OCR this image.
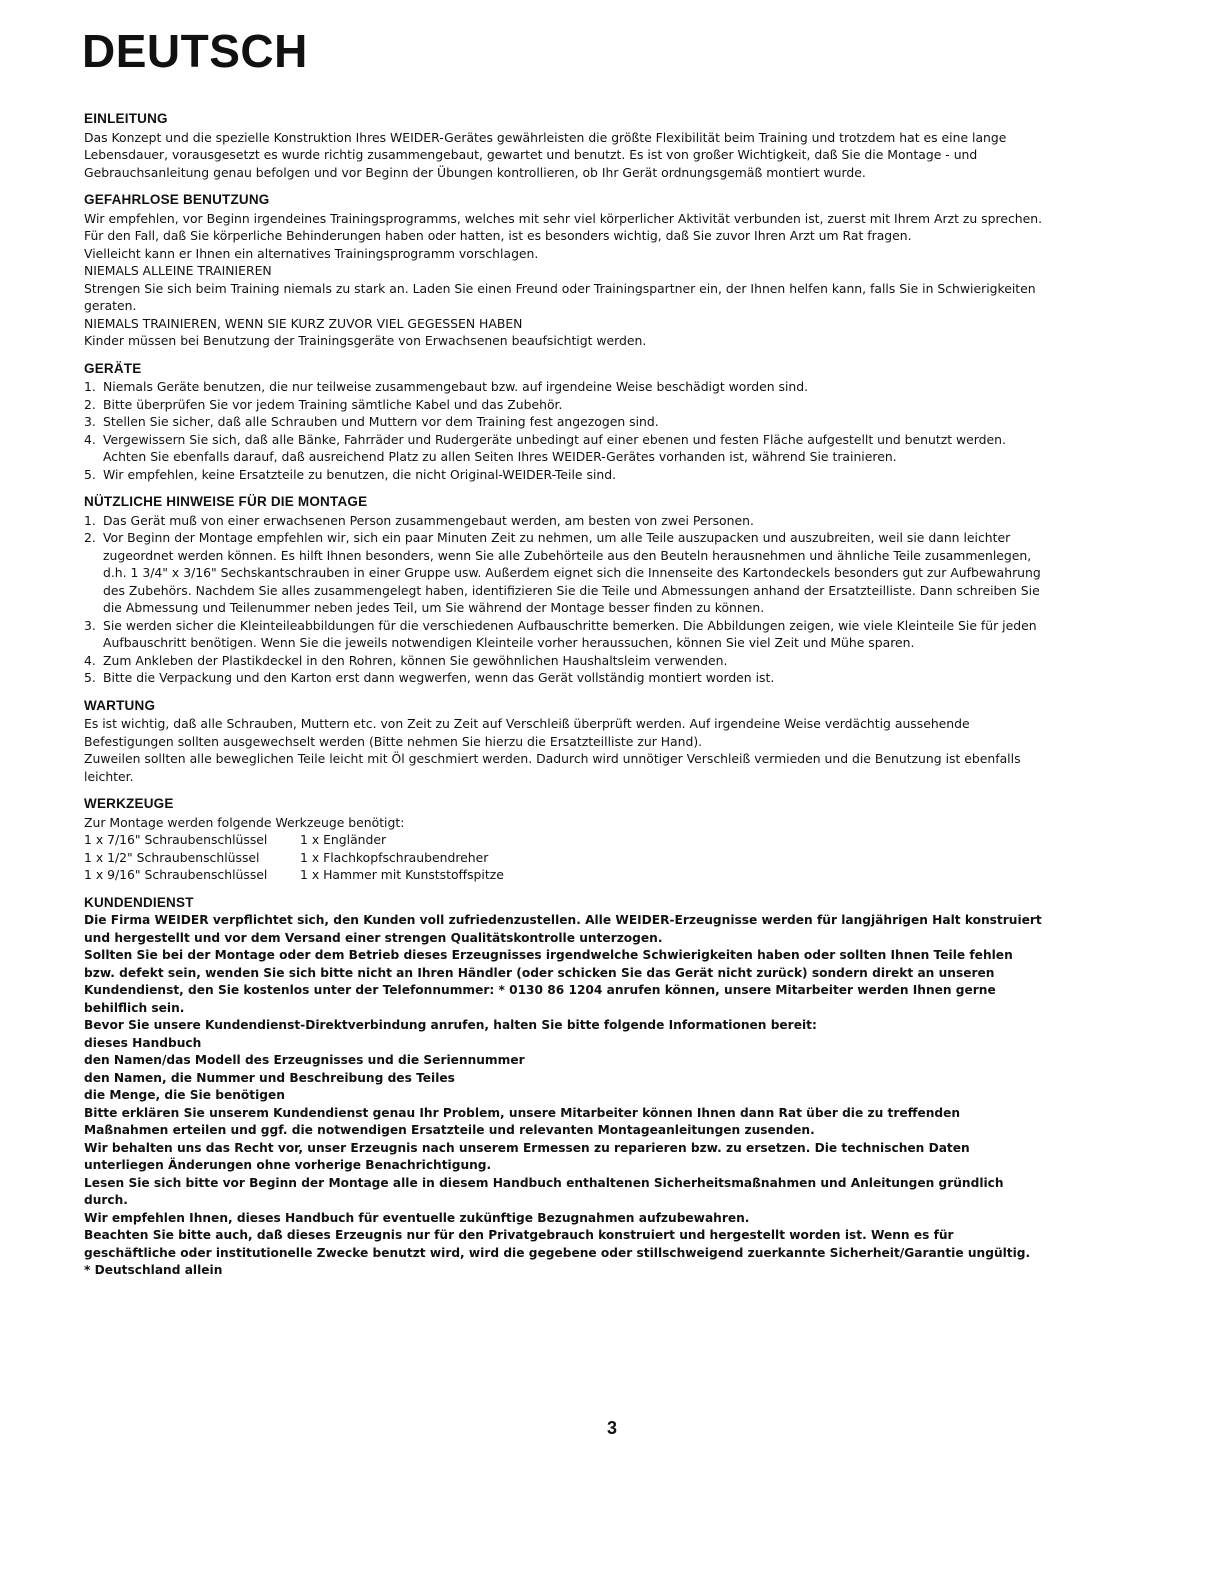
DEUTSCH
EINLEITUNG

Das Konzept und die spezielle Konstruktion Ihres WEIDER-Gerätes gewährleisten die größte Flexibilität beim Training und trotzdem hat es eine lange Lebensdauer, vorausgesetzt es wurde richtig zusammengebaut, gewartet und benutzt. Es ist von großer Wichtigkeit, daß Sie die Montage - und Gebrauchsanleitung genau befolgen und vor Beginn der Übungen kontrollieren, ob Ihr Gerät ordnungsgemäß montiert wurde.

GEFAHRLOSE BENUTZUNG

Wir empfehlen, vor Beginn irgendeines Trainingsprogramms, welches mit sehr viel körperlicher Aktivität verbunden ist, zuerst mit Ihrem Arzt zu sprechen.

Für den Fall, daß Sie körperliche Behinderungen haben oder hatten, ist es besonders wichtig, daß Sie zuvor Ihren Arzt um Rat fragen.

Vielleicht kann er Ihnen ein alternatives Trainingsprogramm vorschlagen.

NIEMALS ALLEINE TRAINIEREN

Strengen Sie sich beim Training niemals zu stark an. Laden Sie einen Freund oder Trainingspartner ein, der Ihnen helfen kann, falls Sie in Schwierigkeiten geraten.

NIEMALS TRAINIEREN, WENN SIE KURZ ZUVOR VIEL GEGESSEN HABEN

Kinder müssen bei Benutzung der Trainingsgeräte von Erwachsenen beaufsichtigt werden.

GERÄTE
1. Niemals Geräte benutzen, die nur teilweise zusammengebaut bzw. auf irgendeine Weise beschädigt worden sind.
2. Bitte überprüfen Sie vor jedem Training sämtliche Kabel und das Zubehör.
3. Stellen Sie sicher, daß alle Schrauben und Muttern vor dem Training fest angezogen sind.
4. Vergewissern Sie sich, daß alle Bänke, Fahrräder und Rudergeräte unbedingt auf einer ebenen und festen Fläche aufgestellt und benutzt werden. Achten Sie ebenfalls darauf, daß ausreichend Platz zu allen Seiten Ihres WEIDER-Gerätes vorhanden ist, während Sie trainieren.
5. Wir empfehlen, keine Ersatzteile zu benutzen, die nicht Original-WEIDER-Teile sind.
NÜTZLICHE HINWEISE FÜR DIE MONTAGE
1. Das Gerät muß von einer erwachsenen Person zusammengebaut werden, am besten von zwei Personen.
2. Vor Beginn der Montage empfehlen wir, sich ein paar Minuten Zeit zu nehmen, um alle Teile auszupacken und auszubreiten, weil sie dann leichter zugeordnet werden können. Es hilft Ihnen besonders, wenn Sie alle Zubehörteile aus den Beuteln herausnehmen und ähnliche Teile zusammenlegen, d.h. 1 3/4" x 3/16" Sechskantschrauben in einer Gruppe usw. Außerdem eignet sich die Innenseite des Kartondeckels besonders gut zur Aufbewahrung des Zubehörs. Nachdem Sie alles zusammengelegt haben, identifizieren Sie die Teile und Abmessungen anhand der Ersatzteilliste. Dann schreiben Sie die Abmessung und Teilenummer neben jedes Teil, um Sie während der Montage besser finden zu können.
3. Sie werden sicher die Kleinteileabbildungen für die verschiedenen Aufbauschritte bemerken. Die Abbildungen zeigen, wie viele Kleinteile Sie für jeden Aufbauschritt benötigen. Wenn Sie die jeweils notwendigen Kleinteile vorher heraussuchen, können Sie viel Zeit und Mühe sparen.
4. Zum Ankleben der Plastikdeckel in den Rohren, können Sie gewöhnlichen Haushaltsleim verwenden.
5. Bitte die Verpackung und den Karton erst dann wegwerfen, wenn das Gerät vollständig montiert worden ist.
WARTUNG

Es ist wichtig, daß alle Schrauben, Muttern etc. von Zeit zu Zeit auf Verschleiß überprüft werden. Auf irgendeine Weise verdächtig aussehende Befestigungen sollten ausgewechselt werden (Bitte nehmen Sie hierzu die Ersatzteilliste zur Hand).

Zuweilen sollten alle beweglichen Teile leicht mit Öl geschmiert werden. Dadurch wird unnötiger Verschleiß vermieden und die Benutzung ist ebenfalls leichter.

WERKZEUGE

Zur Montage werden folgende Werkzeuge benötigt:

1 x 7/16" Schraubenschlüssel	1 x Engländer
1 x 1/2" Schraubenschlüssel	1 x Flachkopfschraubendreher
1 x 9/16" Schraubenschlüssel	1 x Hammer mit Kunststoffspitze
KUNDENDIENST

Die Firma WEIDER verpflichtet sich, den Kunden voll zufriedenzustellen. Alle WEIDER-Erzeugnisse werden für langjährigen Halt konstruiert und hergestellt und vor dem Versand einer strengen Qualitätskontrolle unterzogen.

Sollten Sie bei der Montage oder dem Betrieb dieses Erzeugnisses irgendwelche Schwierigkeiten haben oder sollten Ihnen Teile fehlen bzw. defekt sein, wenden Sie sich bitte nicht an Ihren Händler (oder schicken Sie das Gerät nicht zurück) sondern direkt an unseren Kundendienst, den Sie kostenlos unter der Telefonnummer: * 0130 86 1204 anrufen können, unsere Mitarbeiter werden Ihnen gerne behilflich sein.

Bevor Sie unsere Kundendienst-Direktverbindung anrufen, halten Sie bitte folgende Informationen bereit:

dieses Handbuch

den Namen/das Modell des Erzeugnisses und die Seriennummer

den Namen, die Nummer und Beschreibung des Teiles

die Menge, die Sie benötigen

Bitte erklären Sie unserem Kundendienst genau Ihr Problem, unsere Mitarbeiter können Ihnen dann Rat über die zu treffenden Maßnahmen erteilen und ggf. die notwendigen Ersatzteile und relevanten Montageanleitungen zusenden.

Wir behalten uns das Recht vor, unser Erzeugnis nach unserem Ermessen zu reparieren bzw. zu ersetzen. Die technischen Daten unterliegen Änderungen ohne vorherige Benachrichtigung.

Lesen Sie sich bitte vor Beginn der Montage alle in diesem Handbuch enthaltenen Sicherheitsmaßnahmen und Anleitungen gründlich durch.

Wir empfehlen Ihnen, dieses Handbuch für eventuelle zukünftige Bezugnahmen aufzubewahren.

Beachten Sie bitte auch, daß dieses Erzeugnis nur für den Privatgebrauch konstruiert und hergestellt worden ist. Wenn es für geschäftliche oder institutionelle Zwecke benutzt wird, wird die gegebene oder stillschweigend zuerkannte Sicherheit/Garantie ungültig.

* Deutschland allein

3
